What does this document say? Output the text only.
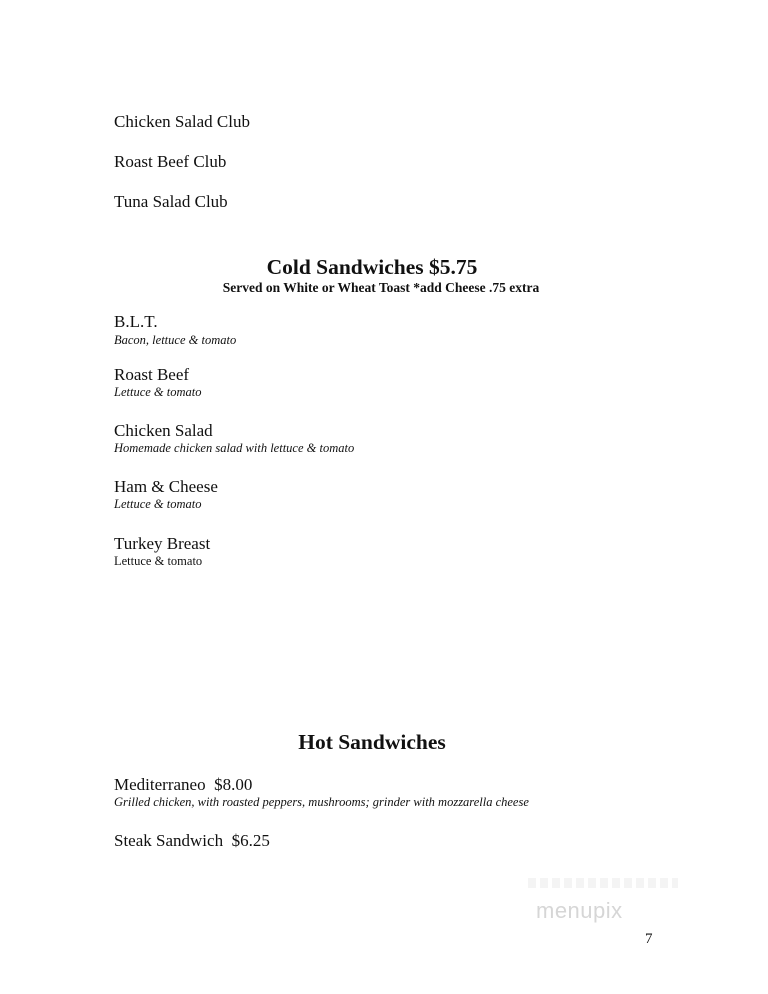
Chicken Salad Club
Roast Beef Club
Tuna Salad Club
Cold Sandwiches $5.75
Served on White or Wheat Toast *add Cheese .75 extra
B.L.T.
Bacon, lettuce & tomato
Roast Beef
Lettuce & tomato
Chicken Salad
Homemade chicken salad with lettuce & tomato
Ham & Cheese
Lettuce & tomato
Turkey Breast
Lettuce & tomato
Hot Sandwiches
Mediterraneo  $8.00
Grilled chicken, with roasted peppers, mushrooms; grinder with mozzarella cheese
Steak Sandwich  $6.25
menupix
7
